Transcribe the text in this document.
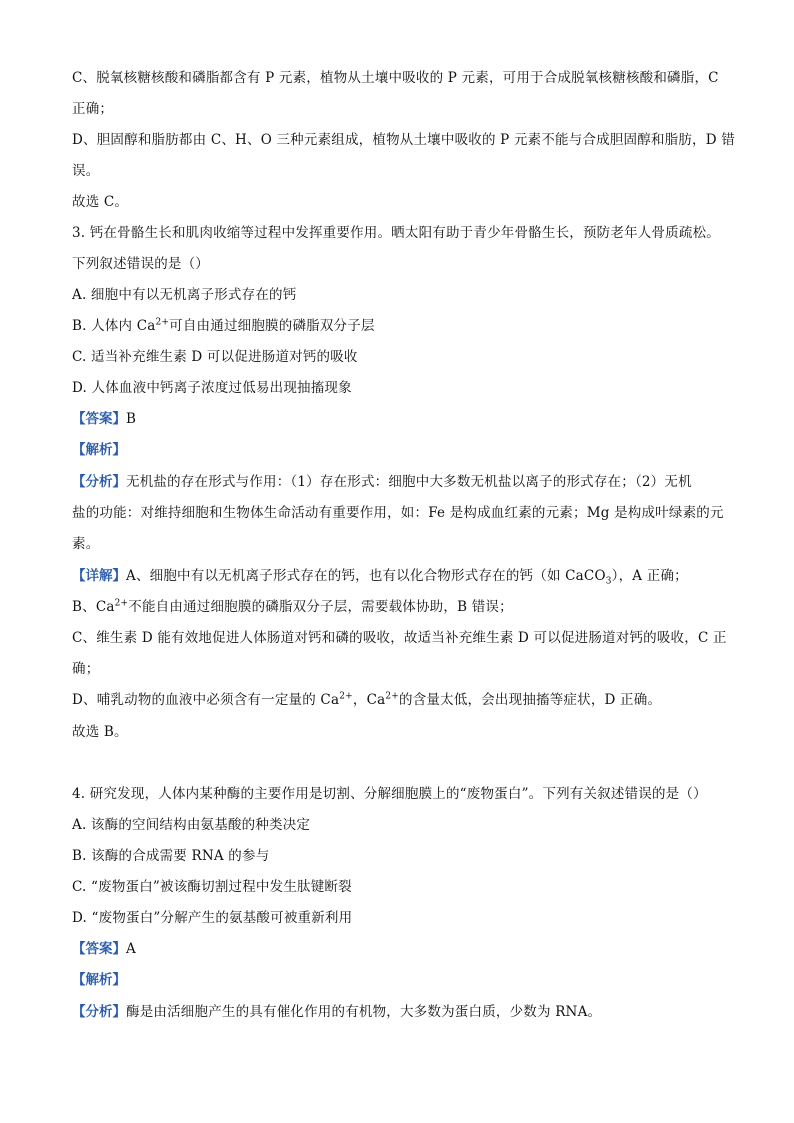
C、脱氧核糖核酸和磷脂都含有 P 元素，植物从土壤中吸收的 P 元素，可用于合成脱氧核糖核酸和磷脂，C
正确；
D、胆固醇和脂肪都由 C、H、O 三种元素组成，植物从土壤中吸收的 P 元素不能与合成胆固醇和脂肪，D 错
误。
故选 C。
3. 钙在骨骼生长和肌肉收缩等过程中发挥重要作用。晒太阳有助于青少年骨骼生长，预防老年人骨质疏松。
下列叙述错误的是（）
A. 细胞中有以无机离子形式存在的钙
B. 人体内 $Ca^{2+}$可自由通过细胞膜的磷脂双分子层
C. 适当补充维生素 D 可以促进肠道对钙的吸收
D. 人体血液中钙离子浓度过低易出现抽搐现象
【答案】B
【解析】
【分析】无机盐的存在形式与作用：（1）存在形式：细胞中大多数无机盐以离子的形式存在；（2）无机
盐的功能：对维持细胞和生物体生命活动有重要作用，如：Fe 是构成血红素的元素；Mg 是构成叶绿素的元
素。
【详解】A、细胞中有以无机离子形式存在的钙，也有以化合物形式存在的钙（如 CaCO$_3$），A 正确；
B、$Ca^{2+}$不能自由通过细胞膜的磷脂双分子层，需要载体协助，B 错误；
C、维生素 D 能有效地促进人体肠道对钙和磷的吸收，故适当补充维生素 D 可以促进肠道对钙的吸收，C 正
确；
D、哺乳动物的血液中必须含有一定量的 $Ca^{2+}$，$Ca^{2+}$的含量太低，会出现抽搐等症状，D 正确。
故选 B。
4. 研究发现，人体内某种酶的主要作用是切割、分解细胞膜上的“废物蛋白”。下列有关叙述错误的是（）
A. 该酶的空间结构由氨基酸的种类决定
B. 该酶的合成需要 RNA 的参与
C. “废物蛋白”被该酶切割过程中发生肽键断裂
D. “废物蛋白”分解产生的氨基酸可被重新利用
【答案】A
【解析】
【分析】酶是由活细胞产生的具有催化作用的有机物，大多数为蛋白质，少数为 RNA。
